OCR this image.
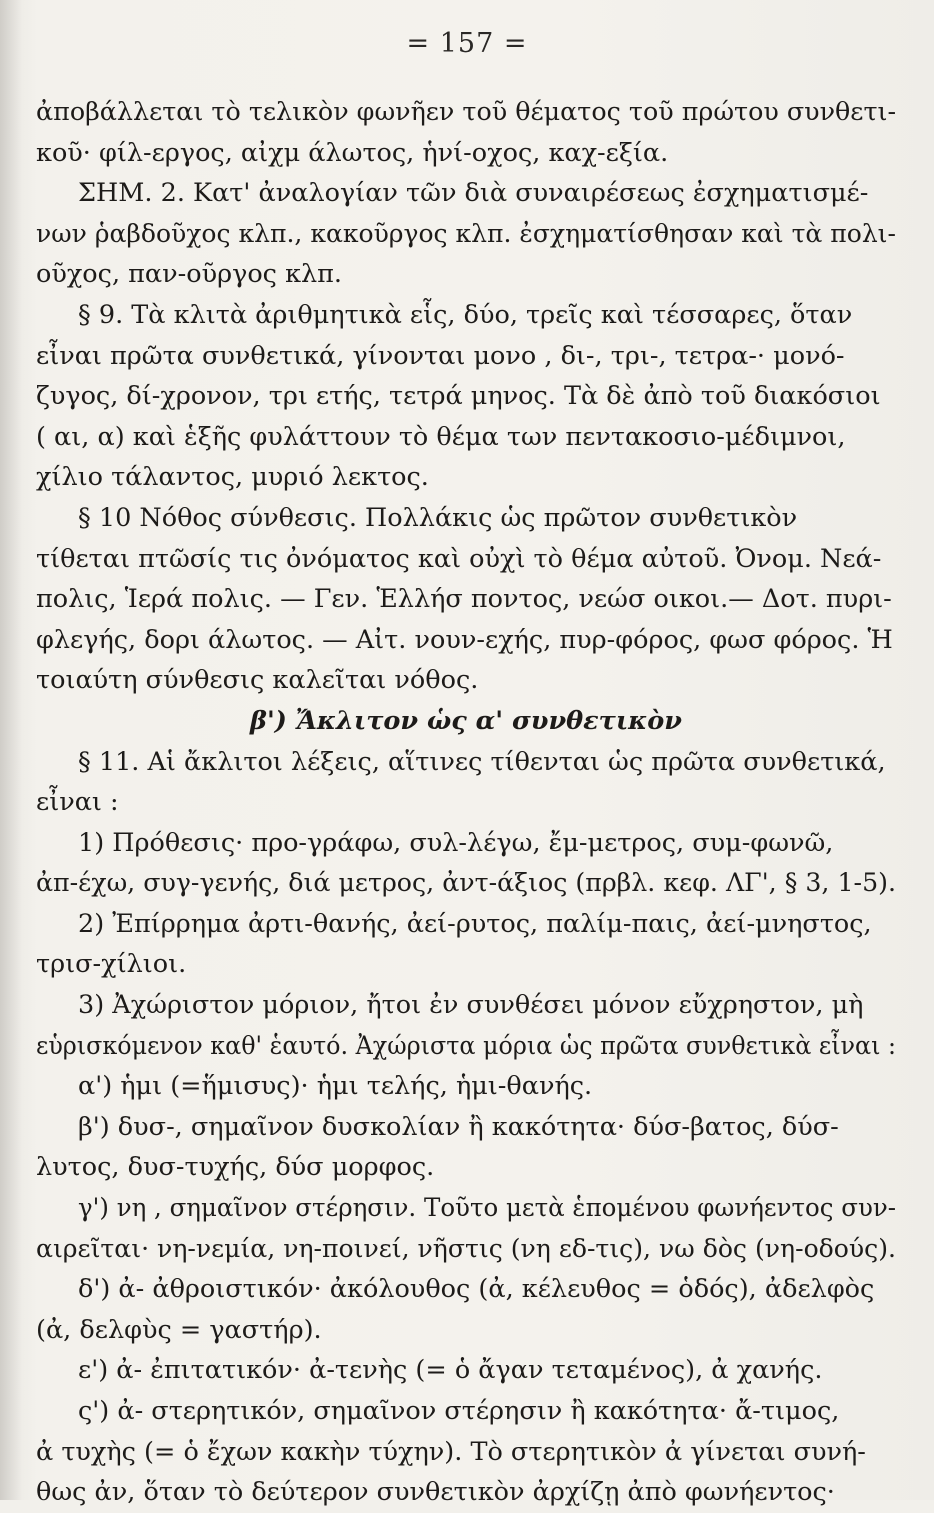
= 157 =
ἀποβάλλεται τὸ τελικὸν φωνῆεν τοῦ θέματος τοῦ πρώτου συνθετι-
κοῦ· φίλ-εργος, αἰχμ άλωτος, ἡνί-οχος, καχ-εξία.
ΣΗΜ. 2. Κατ' ἀναλογίαν τῶν διὰ συναιρέσεως ἐσχηματισμέ-
νων ῥαβδοῦχος κλπ., κακοῦργος κλπ. ἐσχηματίσθησαν καὶ τὰ πολι-
οῦχος, παν-οῦργος κλπ.
§ 9. Τὰ κλιτὰ ἀριθμητικὰ εἷς, δύο, τρεῖς καὶ τέσσαρες, ὅταν
εἶναι πρῶτα συνθετικά, γίνονται μονο , δι-, τρι-, τετρα-· μονό-
ζυγος, δί-χρονον, τρι ετής, τετρά μηνος. Τὰ δὲ ἀπὸ τοῦ διακόσιοι
( αι, α) καὶ ἑξῆς φυλάττουν τὸ θέμα των πεντακοσιο-μέδιμνοι,
χίλιο τάλαντος, μυριό λεκτος.
§ 10 Νόθος σύνθεσις. Πολλάκις ὡς πρῶτον συνθετικὸν
τίθεται πτῶσίς τις ὀνόματος καὶ οὐχὶ τὸ θέμα αὐτοῦ. Ὀνομ. Νεά-
πολις, Ἱερά πολις. — Γεν. Ἑλλήσ ποντος, νεώσ οικοι.— Δοτ. πυρι-
φλεγής, δορι άλωτος. — Αἰτ. νουν-εχής, πυρ-φόρος, φωσ φόρος. Ἡ
τοιαύτη σύνθεσις καλεῖται νόθος.
β') Ἄκλιτον ὡς α' συνθετικὸν
§ 11. Αἱ ἄκλιτοι λέξεις, αἵτινες τίθενται ὡς πρῶτα συνθετικά,
εἶναι :
1) Πρόθεσις· προ-γράφω, συλ-λέγω, ἔμ-μετρος, συμ-φωνῶ,
ἀπ-έχω, συγ-γενής, διά μετρος, ἀντ-άξιος (πρβλ. κεφ. ΛΓ', § 3, 1-5).
2) Ἐπίρρημα ἀρτι-θανής, ἀεί-ρυτος, παλίμ-παις, ἀεί-μνηστος,
τρισ-χίλιοι.
3) Ἀχώριστον μόριον, ἤτοι ἐν συνθέσει μόνον εὔχρηστον, μὴ
εὑρισκόμενον καθ' ἑαυτό. Ἀχώριστα μόρια ὡς πρῶτα συνθετικὰ εἶναι :
α') ἡμι (=ἥμισυς)· ἡμι τελής, ἡμι-θανής.
β') δυσ-, σημαῖνον δυσκολίαν ἢ κακότητα· δύσ-βατος, δύσ-
λυτος, δυσ-τυχής, δύσ μορφος.
γ') νη , σημαῖνον στέρησιν. Τοῦτο μετὰ ἑπομένου φωνήεντος συν-
αιρεῖται· νη-νεμία, νη-ποινεί, νῆστις (νη εδ-τις), νω δὸς (νη-οδούς).
δ') ἀ- ἀθροιστικόν· ἀκόλουθος (ἀ, κέλευθος = ὁδός), ἀδελφὸς
(ἀ, δελφὺς = γαστήρ).
ε') ἀ- ἐπιτατικόν· ἀ-τενὴς (= ὁ ἄγαν τεταμένος), ἀ χανής.
ς') ἀ- στερητικόν, σημαῖνον στέρησιν ἢ κακότητα· ἄ-τιμος,
ἀ τυχὴς (= ὁ ἔχων κακὴν τύχην). Τὸ στερητικὸν ἀ γίνεται συνή-
θως ἀν, ὅταν τὸ δεύτερον συνθετικὸν ἀρχίζῃ ἀπὸ φωνήεντος·
